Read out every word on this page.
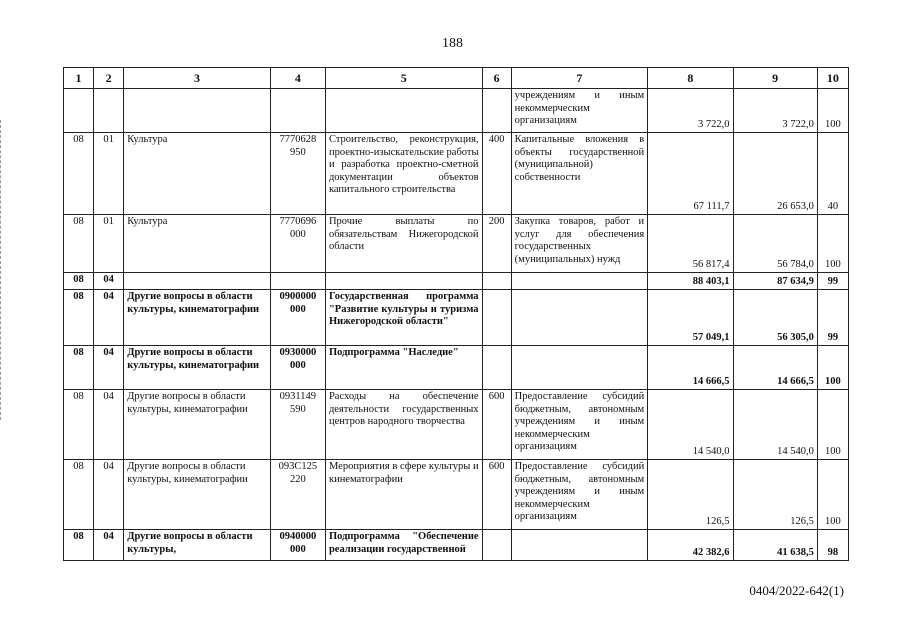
188
1	2	3	4	5	6	7	8	9	10
						учреждениям и иным некоммерческим организациям	3 722,0	3 722,0	100
08	01	Культура	7770628 950	Строительство, реконструкция, проектно-изыскательские работы и разработка проектно-сметной документации объектов капитального строительства	400	Капитальные вложения в объекты государственной (муниципальной) собственности	67 111,7	26 653,0	40
08	01	Культура	7770696 000	Прочие выплаты по обязательствам Нижегородской области	200	Закупка товаров, работ и услуг для обеспечения государственных (муниципальных) нужд	56 817,4	56 784,0	100
08	04						88 403,1	87 634,9	99
08	04	Другие вопросы в области культуры, кинематографии	0900000 000	Государственная программа "Развитие культуры и туризма Нижегородской области"			57 049,1	56 305,0	99
08	04	Другие вопросы в области культуры, кинематографии	0930000 000	Подпрограмма "Наследие"			14 666,5	14 666,5	100
08	04	Другие вопросы в области культуры, кинематографии	0931149 590	Расходы на обеспечение деятельности государственных центров народного творчества	600	Предоставление субсидий бюджетным, автономным учреждениям и иным некоммерческим организациям	14 540,0	14 540,0	100
08	04	Другие вопросы в области культуры, кинематографии	093С125 220	Мероприятия в сфере культуры и кинематографии	600	Предоставление субсидий бюджетным, автономным учреждениям и иным некоммерческим организациям	126,5	126,5	100
08	04	Другие вопросы в области культуры,	0940000 000	Подпрограмма "Обеспечение реализации государственной			42 382,6	41 638,5	98
0404/2022-642(1)
